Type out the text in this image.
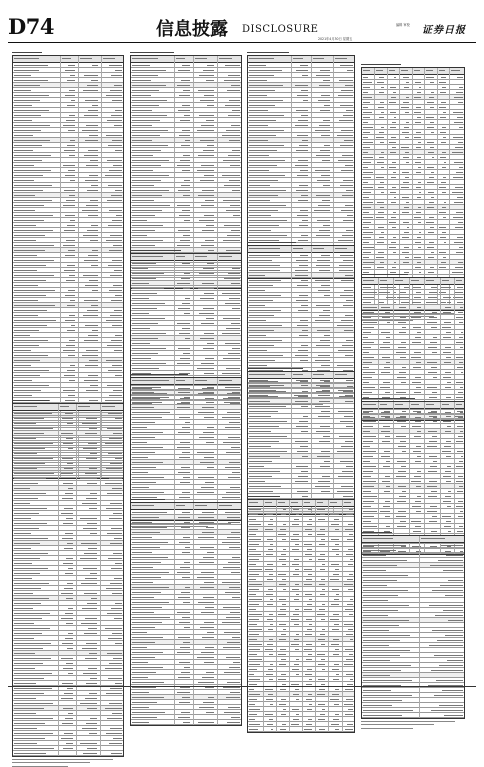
D74	信息披露 DISCLOSURE	编辑 审校 证券日报
2021年4月30日 星期五
